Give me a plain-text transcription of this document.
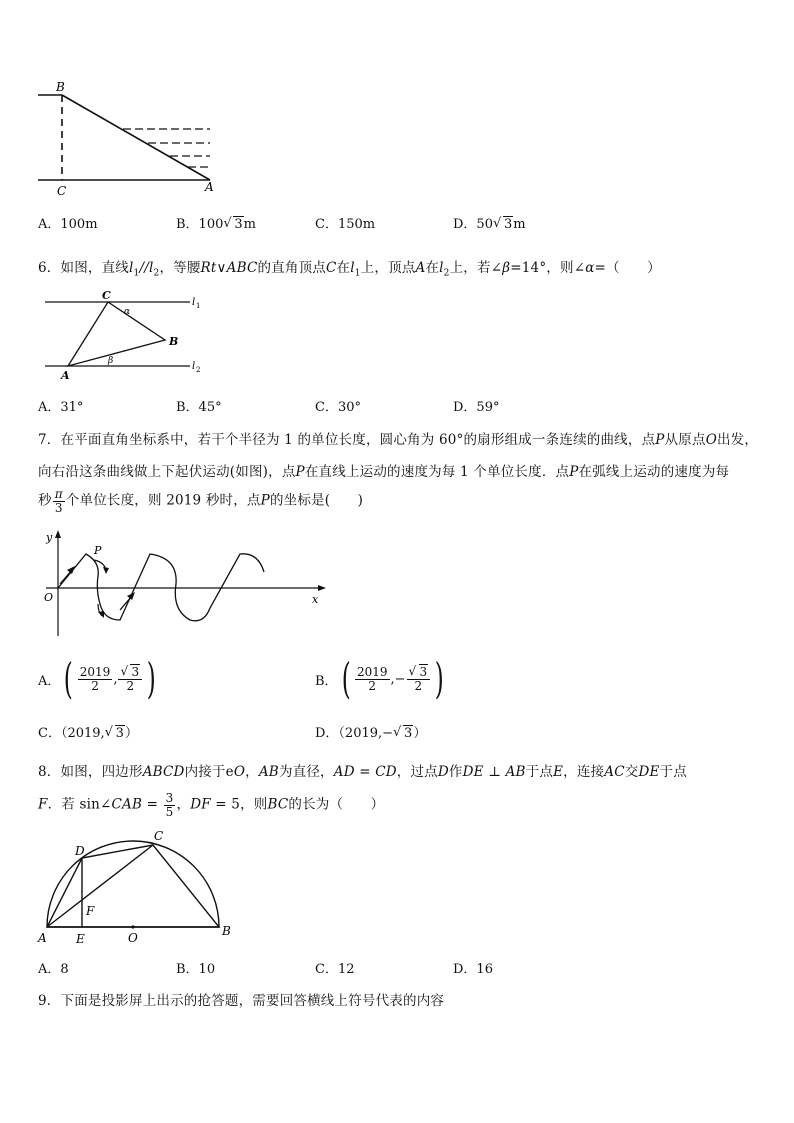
B
C	A
A．100m	B．100 √ 3m	C．150m	D．50 √ 3m
6．如图，直线$l_1//l_2$，等腰Rt∨ABC的直角顶点C在$l_1$上，顶点A在$l_2$上，若∠β=14°，则∠α=（　　）
C
B
A
α
β
l 1
l 2
A．31°	B．45°	C．30°	D．59°
7．在平面直角坐标系中，若干个半径为 1 的单位长度，圆心角为 60°的扇形组成一条连续的曲线，点P从原点O出发，
向右沿这条曲线做上下起伏运动(如图)，点P在直线上运动的速度为每 1 个单位长度．点P在弧线上运动的速度为每
秒 $\frac{\pi}{3}$ 个单位长度，则 2019 秒时，点P的坐标是(　　)
y
x
O
P
A． ( $\frac{2019}{2}$ , √ $\frac{3}{2}$ )	B． ( $\frac{2019}{2}$ , − √ $\frac{3}{2}$ )
C．（2019, √ 3）	D．（2019,− √ 3）
8．如图，四边形ABCD内接于eO，AB为直径，AD = CD，过点D作DE ⊥ AB于点E，连接AC交DE于点
F．若 sin∠CAB = $\frac{3}{5}$ ，DF = 5，则BC的长为（　　）
D
C
F
A E	O	B
A．8	B．10	C．12	D．16
9．下面是投影屏上出示的抢答题，需要回答横线上符号代表的内容
